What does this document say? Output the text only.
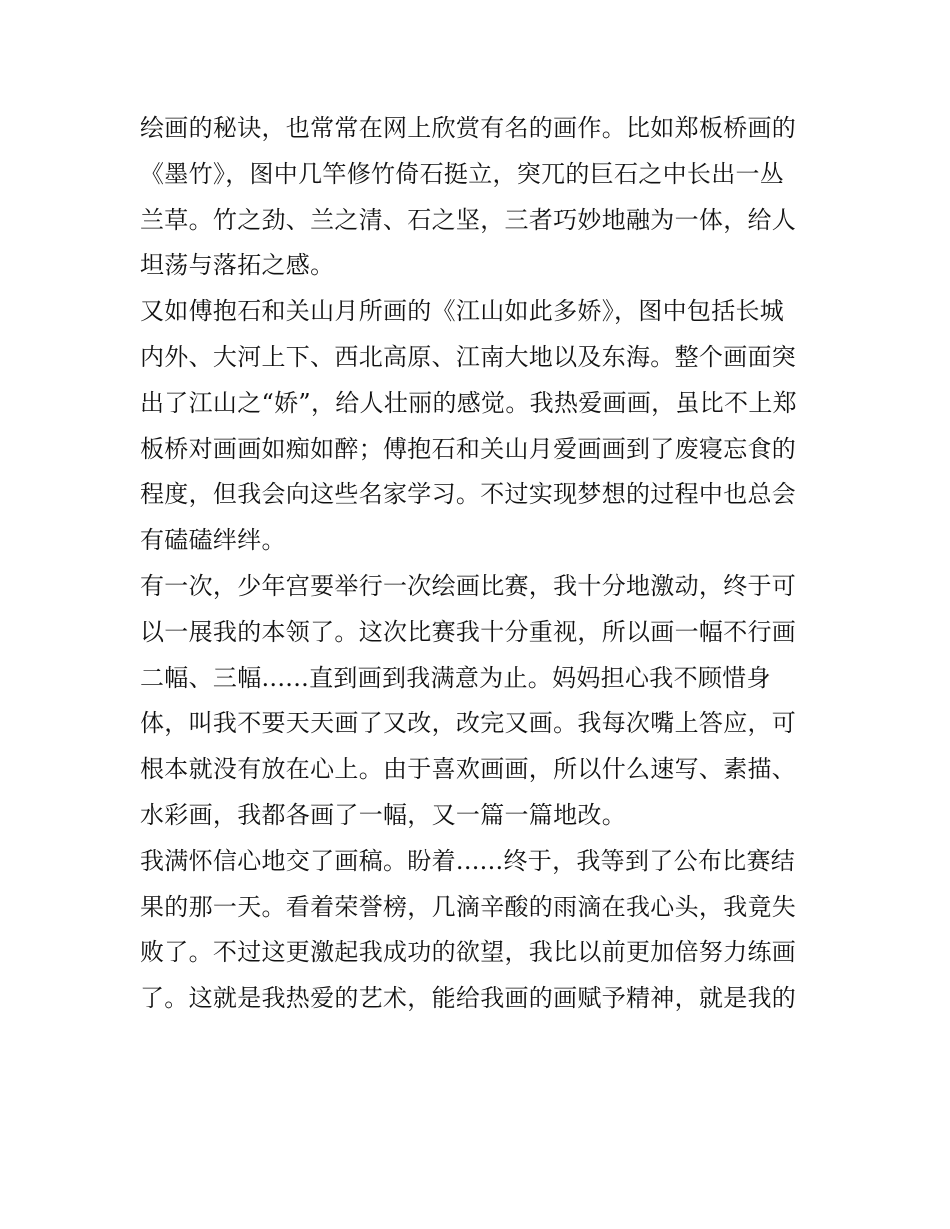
绘画的秘诀，也常常在网上欣赏有名的画作。比如郑板桥画的
《墨竹》，图中几竿修竹倚石挺立，突兀的巨石之中长出一丛
兰草。竹之劲、兰之清、石之坚，三者巧妙地融为一体，给人
坦荡与落拓之感。
又如傅抱石和关山月所画的《江山如此多娇》，图中包括长城
内外、大河上下、西北高原、江南大地以及东海。整个画面突
出了江山之“娇”，给人壮丽的感觉。我热爱画画，虽比不上郑
板桥对画画如痴如醉；傅抱石和关山月爱画画到了废寝忘食的
程度，但我会向这些名家学习。不过实现梦想的过程中也总会
有磕磕绊绊。
有一次，少年宫要举行一次绘画比赛，我十分地激动，终于可
以一展我的本领了。这次比赛我十分重视，所以画一幅不行画
二幅、三幅......直到画到我满意为止。妈妈担心我不顾惜身
体，叫我不要天天画了又改，改完又画。我每次嘴上答应，可
根本就没有放在心上。由于喜欢画画，所以什么速写、素描、
水彩画，我都各画了一幅，又一篇一篇地改。
我满怀信心地交了画稿。盼着......终于，我等到了公布比赛结
果的那一天。看着荣誉榜，几滴辛酸的雨滴在我心头，我竟失
败了。不过这更激起我成功的欲望，我比以前更加倍努力练画
了。这就是我热爱的艺术，能给我画的画赋予精神，就是我的
